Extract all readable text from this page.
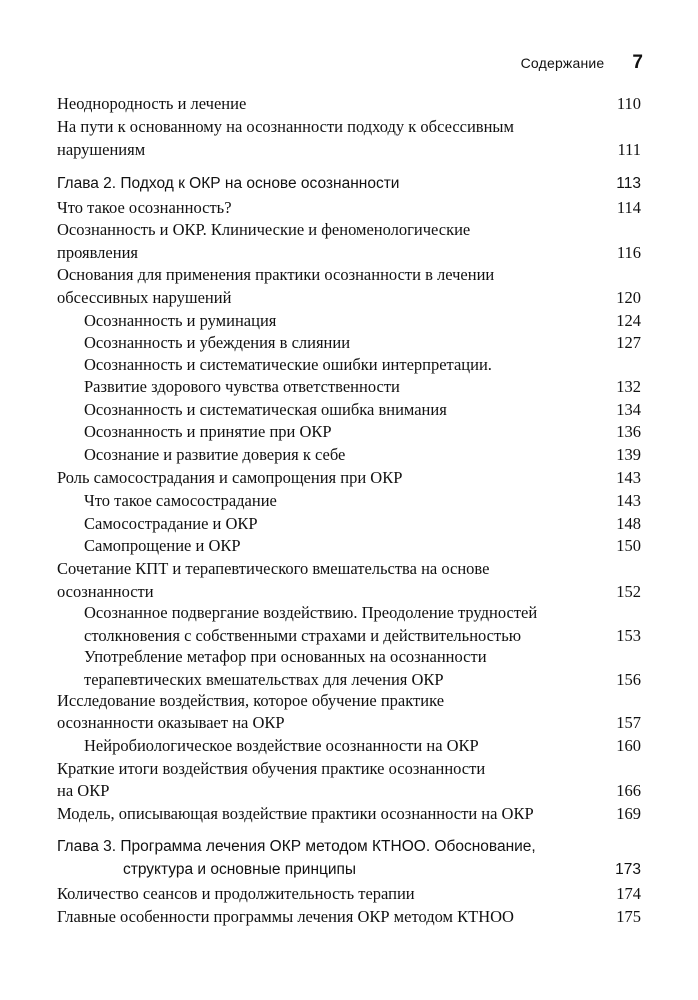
Содержание 7
Неоднородность и лечение	110
На пути к основанному на осознанности подходу к обсессивным
нарушениям	111
Глава 2. Подход к ОКР на основе осознанности	113
Что такое осознанность?	114
Осознанность и ОКР. Клинические и феноменологические
проявления	116
Основания для применения практики осознанности в лечении
обсессивных нарушений	120
Осознанность и руминация	124
Осознанность и убеждения в слиянии	127
Осознанность и систематические ошибки интерпретации.
Развитие здорового чувства ответственности	132
Осознанность и систематическая ошибка внимания	134
Осознанность и принятие при ОКР	136
Осознание и развитие доверия к себе	139
Роль самосострадания и самопрощения при ОКР	143
Что такое самосострадание	143
Самосострадание и ОКР	148
Самопрощение и ОКР	150
Сочетание КПТ и терапевтического вмешательства на основе
осознанности	152
Осознанное подвергание воздействию. Преодоление трудностей
столкновения с собственными страхами и действительностью	153
Употребление метафор при основанных на осознанности
терапевтических вмешательствах для лечения ОКР	156
Исследование воздействия, которое обучение практике
осознанности оказывает на ОКР	157
Нейробиологическое воздействие осознанности на ОКР	160
Краткие итоги воздействия обучения практике осознанности
на ОКР	166
Модель, описывающая воздействие практики осознанности на ОКР	169
Глава 3. Программа лечения ОКР методом КТНОО. Обоснование,
структура и основные принципы	173
Количество сеансов и продолжительность терапии	174
Главные особенности программы лечения ОКР методом КТНОО	175
